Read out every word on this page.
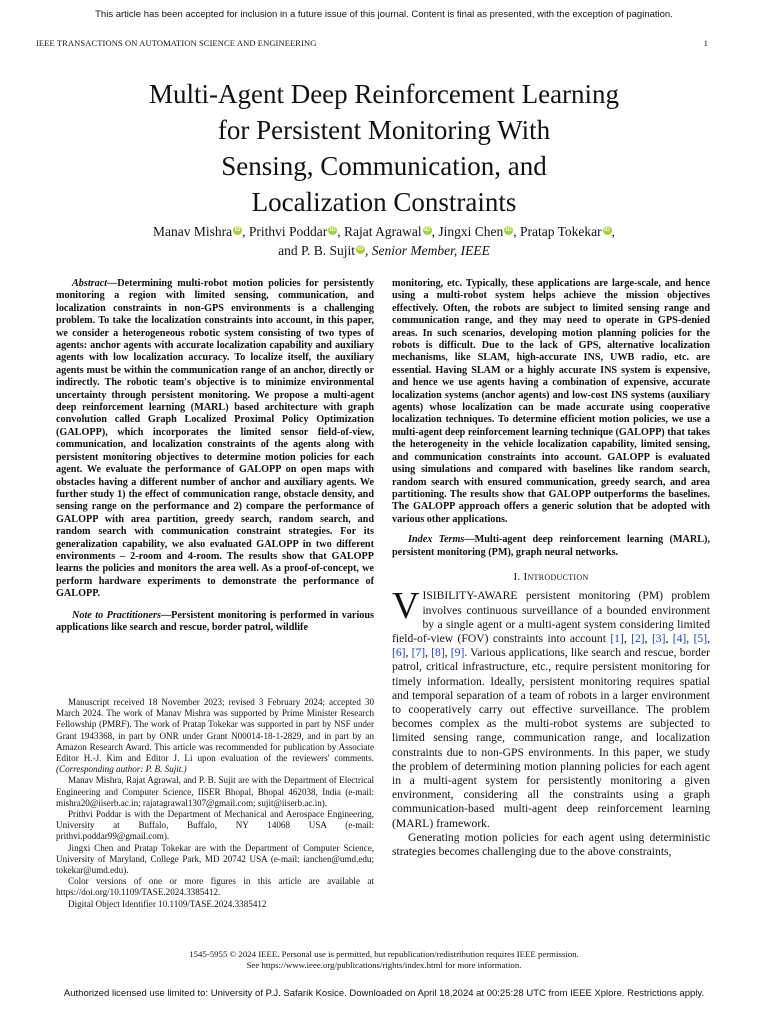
This article has been accepted for inclusion in a future issue of this journal. Content is final as presented, with the exception of pagination.
IEEE TRANSACTIONS ON AUTOMATION SCIENCE AND ENGINEERING	1
Multi-Agent Deep Reinforcement Learning
for Persistent Monitoring With
Sensing, Communication, and
Localization Constraints
Manav Mishra iD , Prithvi Poddar iD , Rajat Agrawal iD , Jingxi Chen iD , Pratap Tokekar iD ,
and P. B. Sujit iD , Senior Member, IEEE

Abstract—Determining multi-robot motion policies for persistently monitoring a region with limited sensing, communication, and localization constraints in non-GPS environments is a challenging problem. To take the localization constraints into account, in this paper, we consider a heterogeneous robotic system consisting of two types of agents: anchor agents with accurate localization capability and auxiliary agents with low localization accuracy. To localize itself, the auxiliary agents must be within the communication range of an anchor, directly or indirectly. The robotic team's objective is to minimize environmental uncertainty through persistent monitoring. We propose a multi-agent deep reinforcement learning (MARL) based architecture with graph convolution called Graph Localized Proximal Policy Optimization (GALOPP), which incorporates the limited sensor field-of-view, communication, and localization constraints of the agents along with persistent monitoring objectives to determine motion policies for each agent. We evaluate the performance of GALOPP on open maps with obstacles having a different number of anchor and auxiliary agents. We further study 1) the effect of communication range, obstacle density, and sensing range on the performance and 2) compare the performance of GALOPP with area partition, greedy search, random search, and random search with communication constraint strategies. For its generalization capability, we also evaluated GALOPP in two different environments – 2-room and 4-room. The results show that GALOPP learns the policies and monitors the area well. As a proof-of-concept, we perform hardware experiments to demonstrate the performance of GALOPP.

Note to Practitioners—Persistent monitoring is performed in various applications like search and rescue, border patrol, wildlife

Manuscript received 18 November 2023; revised 3 February 2024; accepted 30 March 2024. The work of Manav Mishra was supported by Prime Minister Research Fellowship (PMRF). The work of Pratap Tokekar was supported in part by NSF under Grant 1943368, in part by ONR under Grant N00014-18-1-2829, and in part by an Amazon Research Award. This article was recommended for publication by Associate Editor H.-J. Kim and Editor J. Li upon evaluation of the reviewers' comments. (Corresponding author: P. B. Sujit.)

Manav Mishra, Rajat Agrawal, and P. B. Sujit are with the Department of Electrical Engineering and Computer Science, IISER Bhopal, Bhopal 462038, India (e-mail: mishra20@iiserb.ac.in; rajatagrawal1307@gmail.com; sujit@iiserb.ac.in).

Prithvi Poddar is with the Department of Mechanical and Aerospace Engineering, University at Buffalo, Buffalo, NY 14068 USA (e-mail: prithvi.poddar99@gmail.com).

Jingxi Chen and Pratap Tokekar are with the Department of Computer Science, University of Maryland, College Park, MD 20742 USA (e-mail: ianchen@umd.edu; tokekar@umd.edu).

Color versions of one or more figures in this article are available at https://doi.org/10.1109/TASE.2024.3385412.

Digital Object Identifier 10.1109/TASE.2024.3385412

monitoring, etc. Typically, these applications are large-scale, and hence using a multi-robot system helps achieve the mission objectives effectively. Often, the robots are subject to limited sensing range and communication range, and they may need to operate in GPS-denied areas. In such scenarios, developing motion planning policies for the robots is difficult. Due to the lack of GPS, alternative localization mechanisms, like SLAM, high-accurate INS, UWB radio, etc. are essential. Having SLAM or a highly accurate INS system is expensive, and hence we use agents having a combination of expensive, accurate localization systems (anchor agents) and low-cost INS systems (auxiliary agents) whose localization can be made accurate using cooperative localization techniques. To determine efficient motion policies, we use a multi-agent deep reinforcement learning technique (GALOPP) that takes the heterogeneity in the vehicle localization capability, limited sensing, and communication constraints into account. GALOPP is evaluated using simulations and compared with baselines like random search, random search with ensured communication, greedy search, and area partitioning. The results show that GALOPP outperforms the baselines. The GALOPP approach offers a generic solution that be adopted with various other applications.

Index Terms—Multi-agent deep reinforcement learning (MARL), persistent monitoring (PM), graph neural networks.

I. Introduction

VISIBILITY-AWARE persistent monitoring (PM) problem involves continuous surveillance of a bounded environment by a single agent or a multi-agent system considering limited field-of-view (FOV) constraints into account [1], [2], [3], [4], [5], [6], [7], [8], [9]. Various applications, like search and rescue, border patrol, critical infrastructure, etc., require persistent monitoring for timely information. Ideally, persistent monitoring requires spatial and temporal separation of a team of robots in a larger environment to cooperatively carry out effective surveillance. The problem becomes complex as the multi-robot systems are subjected to limited sensing range, communication range, and localization constraints due to non-GPS environments. In this paper, we study the problem of determining motion planning policies for each agent in a multi-agent system for persistently monitoring a given environment, considering all the constraints using a graph communication-based multi-agent deep reinforcement learning (MARL) framework.

Generating motion policies for each agent using deterministic strategies becomes challenging due to the above constraints,

1545-5955 © 2024 IEEE. Personal use is permitted, but republication/redistribution requires IEEE permission.
See https://www.ieee.org/publications/rights/index.html for more information.
Authorized licensed use limited to: University of P.J. Safarik Kosice. Downloaded on April 18,2024 at 00:25:28 UTC from IEEE Xplore. Restrictions apply.
